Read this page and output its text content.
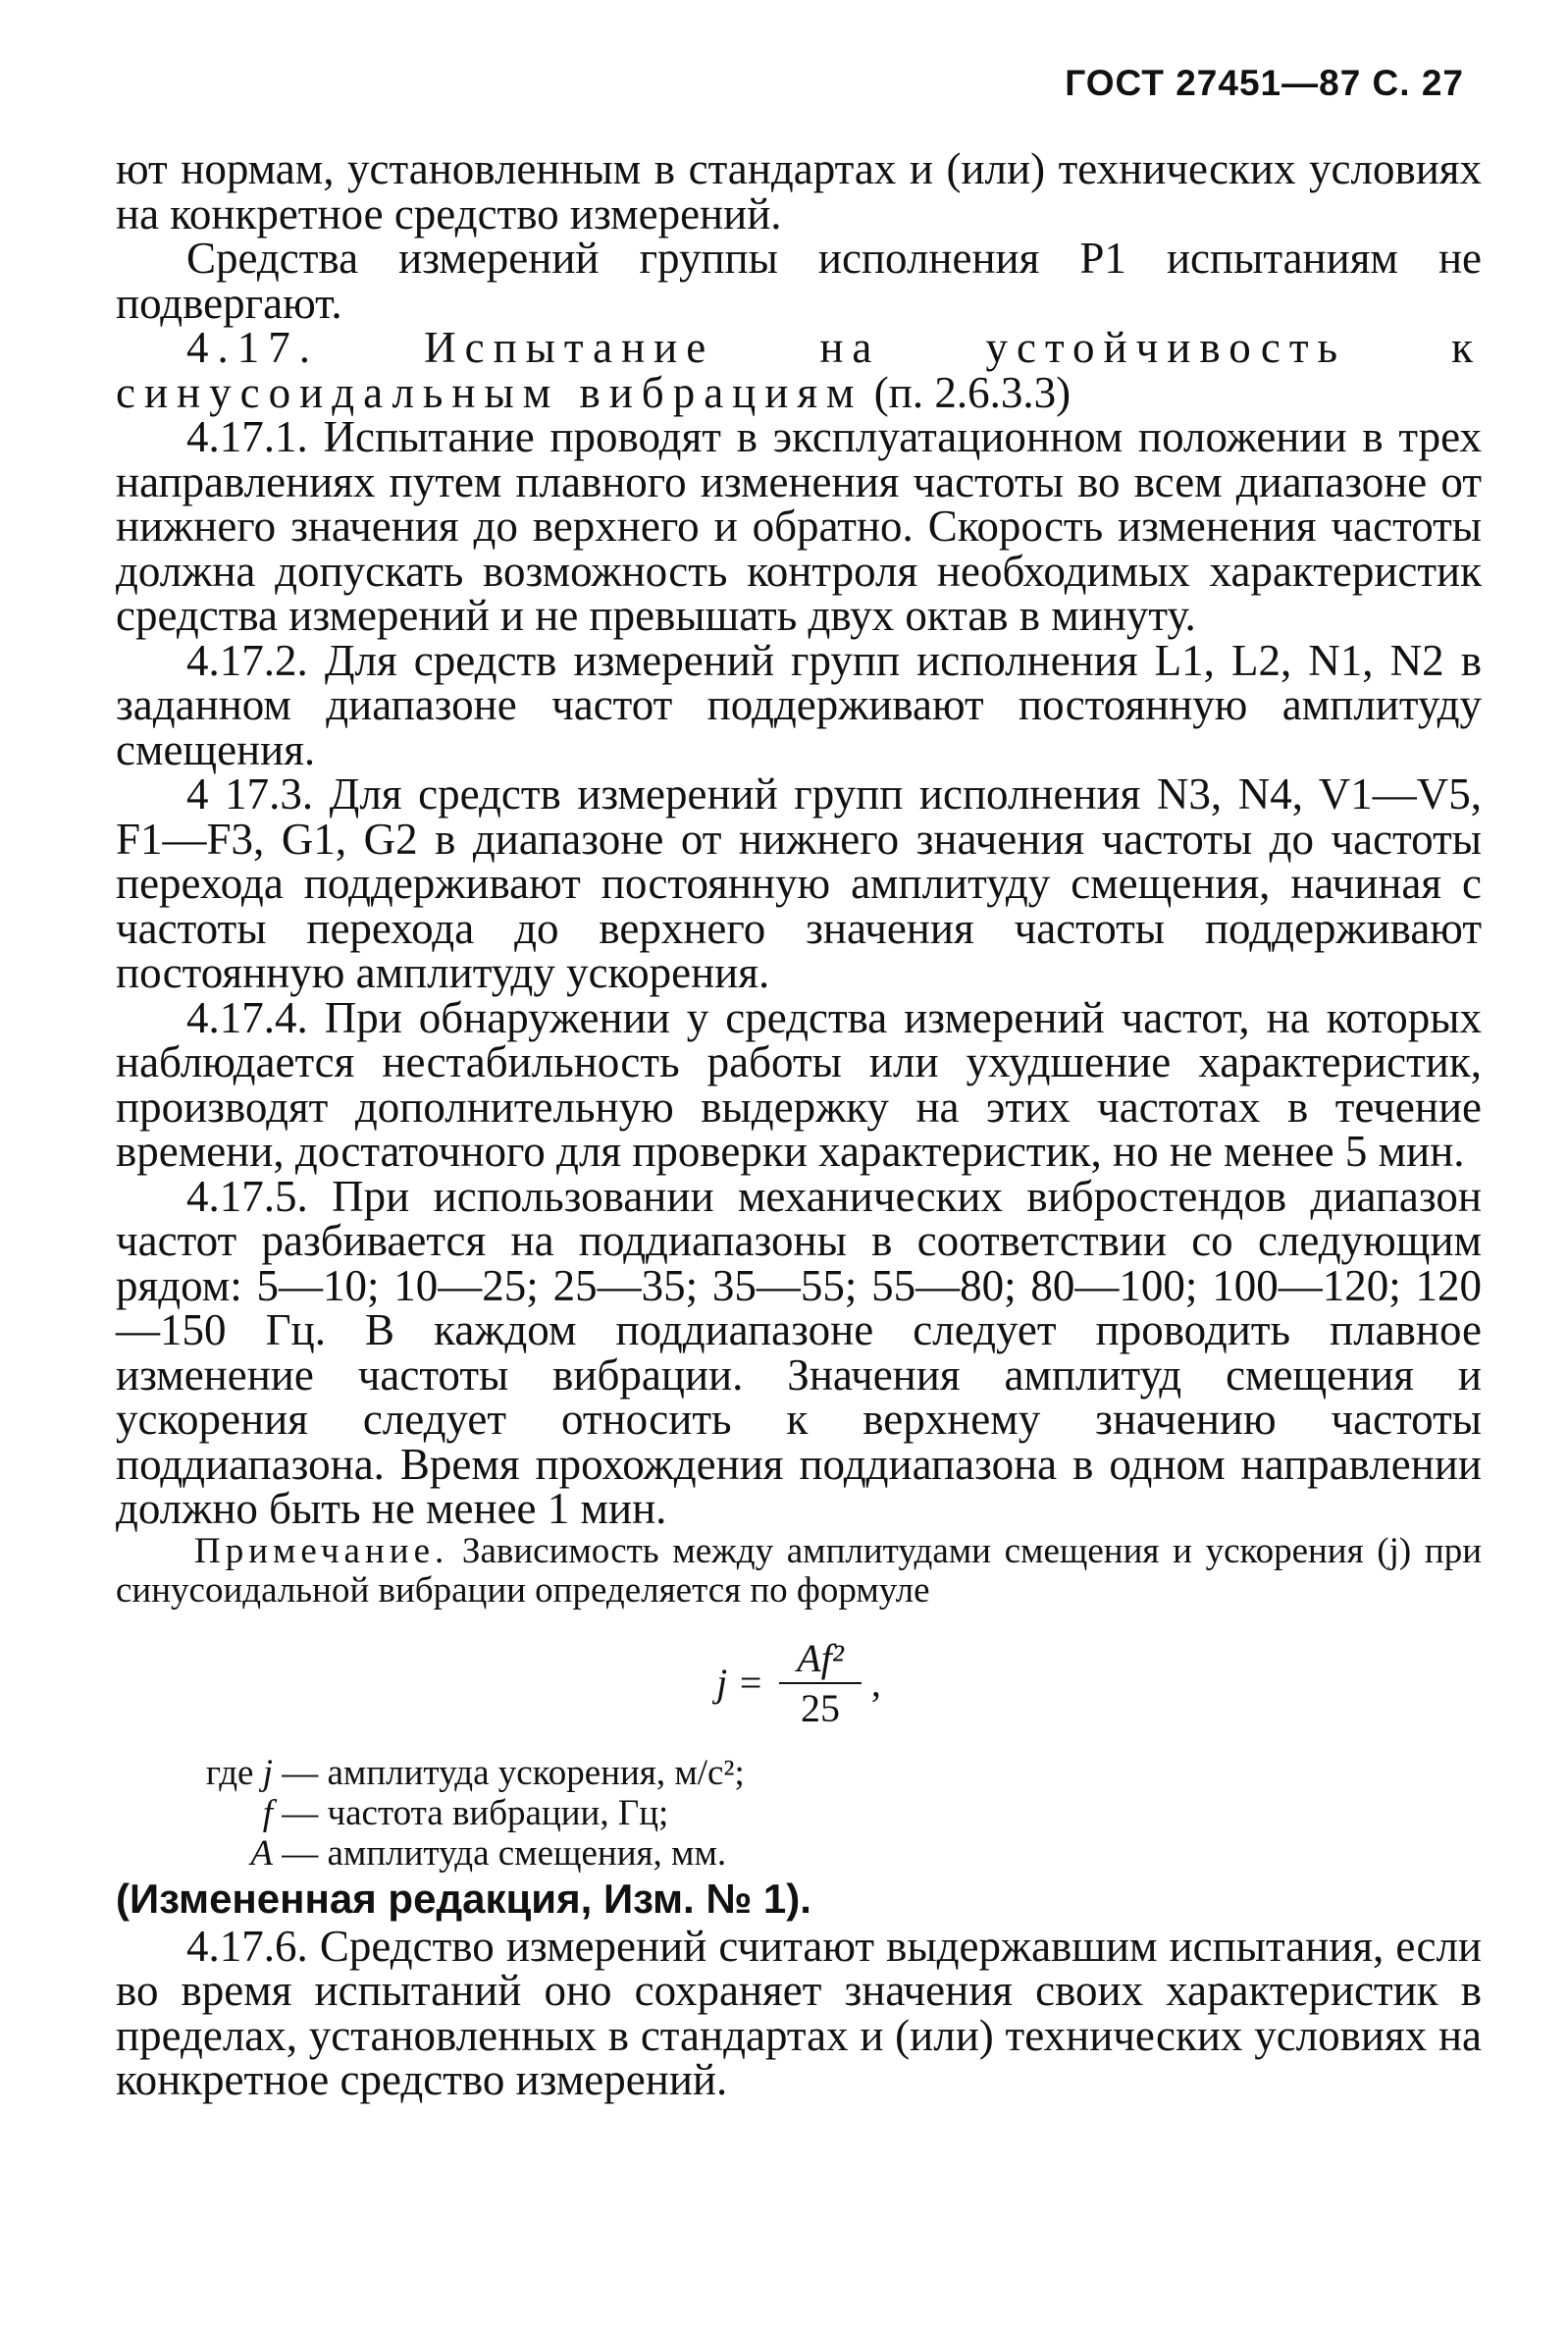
ГОСТ 27451—87 С. 27

ют нормам, установленным в стандартах и (или) технических условиях на конкретное средство измерений.

Средства измерений группы исполнения Р1 испытаниям не подвергают.

4.17. Испытание на устойчивость к синусоидальным вибрациям (п. 2.6.3.3)

4.17.1. Испытание проводят в эксплуатационном положении в трех направлениях путем плавного изменения частоты во всем диапазоне от нижнего значения до верхнего и обратно. Скорость изменения частоты должна допускать возможность контроля необходимых характеристик средства измерений и не превышать двух октав в минуту.

4.17.2. Для средств измерений групп исполнения L1, L2, N1, N2 в заданном диапазоне частот поддерживают постоянную амплитуду смещения.

4 17.3. Для средств измерений групп исполнения N3, N4, V1—V5, F1—F3, G1, G2 в диапазоне от нижнего значения частоты до частоты перехода поддерживают постоянную амплитуду смещения, начиная с частоты перехода до верхнего значения частоты поддерживают постоянную амплитуду ускорения.

4.17.4. При обнаружении у средства измерений частот, на которых наблюдается нестабильность работы или ухудшение характеристик, производят дополнительную выдержку на этих частотах в течение времени, достаточного для проверки характеристик, но не менее 5 мин.

4.17.5. При использовании механических вибростендов диапазон частот разбивается на поддиапазоны в соответствии со следующим рядом: 5—10; 10—25; 25—35; 35—55; 55—80; 80—100; 100—120; 120—150 Гц. В каждом поддиапазоне следует проводить плавное изменение частоты вибрации. Значения амплитуд смещения и ускорения следует относить к верхнему значению частоты поддиапазона. Время прохождения поддиапазона в одном направлении должно быть не менее 1 мин.

Примечание. Зависимость между амплитудами смещения и ускорения (j) при синусоидальной вибрации определяется по формуле

$j = \frac{\text{Af²}}{25}$ ,
где j — амплитуда ускорения, м/с²;
f — частота вибрации, Гц;
A — амплитуда смещения, мм.

(Измененная редакция, Изм. № 1).

4.17.6. Средство измерений считают выдержавшим испытания, если во время испытаний оно сохраняет значения своих характеристик в пределах, установленных в стандартах и (или) технических условиях на конкретное средство измерений.
